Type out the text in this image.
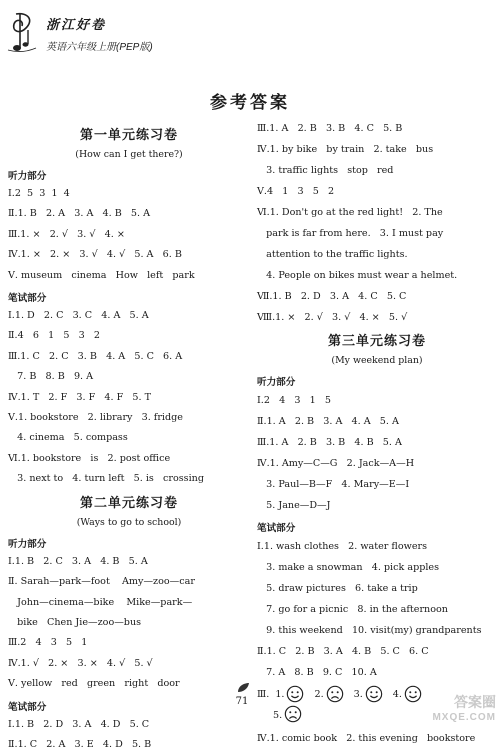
浙江好卷
英语六年级上册(PEP版)
参考答案
第一单元练习卷
(How can I get there?)
听力部分
Ⅰ.2  5  3  1  4
Ⅱ.1. B   2. A   3. A   4. B   5. A
Ⅲ.1. ×   2. √   3. √   4. ×
Ⅳ.1. ×   2. ×   3. √   4. √   5. A   6. B
Ⅴ. museum   cinema   How   left   park
笔试部分
Ⅰ.1. D   2. C   3. C   4. A   5. A
Ⅱ.4   6   1   5   3   2
Ⅲ.1. C   2. C   3. B   4. A   5. C   6. A
7. B   8. B   9. A
Ⅳ.1. T   2. F   3. F   4. F   5. T
Ⅴ.1. bookstore   2. library   3. fridge
4. cinema   5. compass
Ⅵ.1. bookstore   is   2. post office
3. next to   4. turn left   5. is   crossing
第二单元练习卷
(Ways to go to school)
听力部分
Ⅰ.1. B   2. C   3. A   4. B   5. A
Ⅱ. Sarah—park—foot    Amy—zoo—car
John—cinema—bike    Mike—park—
bike   Chen Jie—zoo—bus
Ⅲ.2   4   3   5   1
Ⅳ.1. √   2. ×   3. ×   4. √   5. √
Ⅴ. yellow   red   green   right   door
笔试部分
Ⅰ.1. B   2. D   3. A   4. D   5. C
Ⅱ.1. C   2. A   3. E   4. D   5. B
Ⅲ.1. A   2. B   3. B   4. C   5. B
Ⅳ.1. by bike   by train   2. take   bus
3. traffic lights   stop   red
Ⅴ.4   1   3   5   2
Ⅵ.1. Don't go at the red light!   2. The
park is far from here.   3. I must pay
attention to the traffic lights.
4. People on bikes must wear a helmet.
Ⅶ.1. B   2. D   3. A   4. C   5. C
Ⅷ.1. ×   2. √   3. √   4. ×   5. √
第三单元练习卷
(My weekend plan)
听力部分
Ⅰ.2   4   3   1   5
Ⅱ.1. A   2. B   3. A   4. A   5. A
Ⅲ.1. A   2. B   3. B   4. B   5. A
Ⅳ.1. Amy—C—G   2. Jack—A—H
3. Paul—B—F   4. Mary—E—I
5. Jane—D—J
笔试部分
Ⅰ.1. wash clothes   2. water flowers
3. make a snowman   4. pick apples
5. draw pictures   6. take a trip
7. go for a picnic   8. in the afternoon
9. this weekend   10. visit(my) grandparents
Ⅱ.1. C   2. B   3. A   4. B   5. C   6. C
7. A   8. B   9. C   10. A
Ⅲ. 1.	2.	3.	4.
5.
Ⅳ.1. comic book   2. this evening   bookstore
71	答案圈
MXQE.COM
